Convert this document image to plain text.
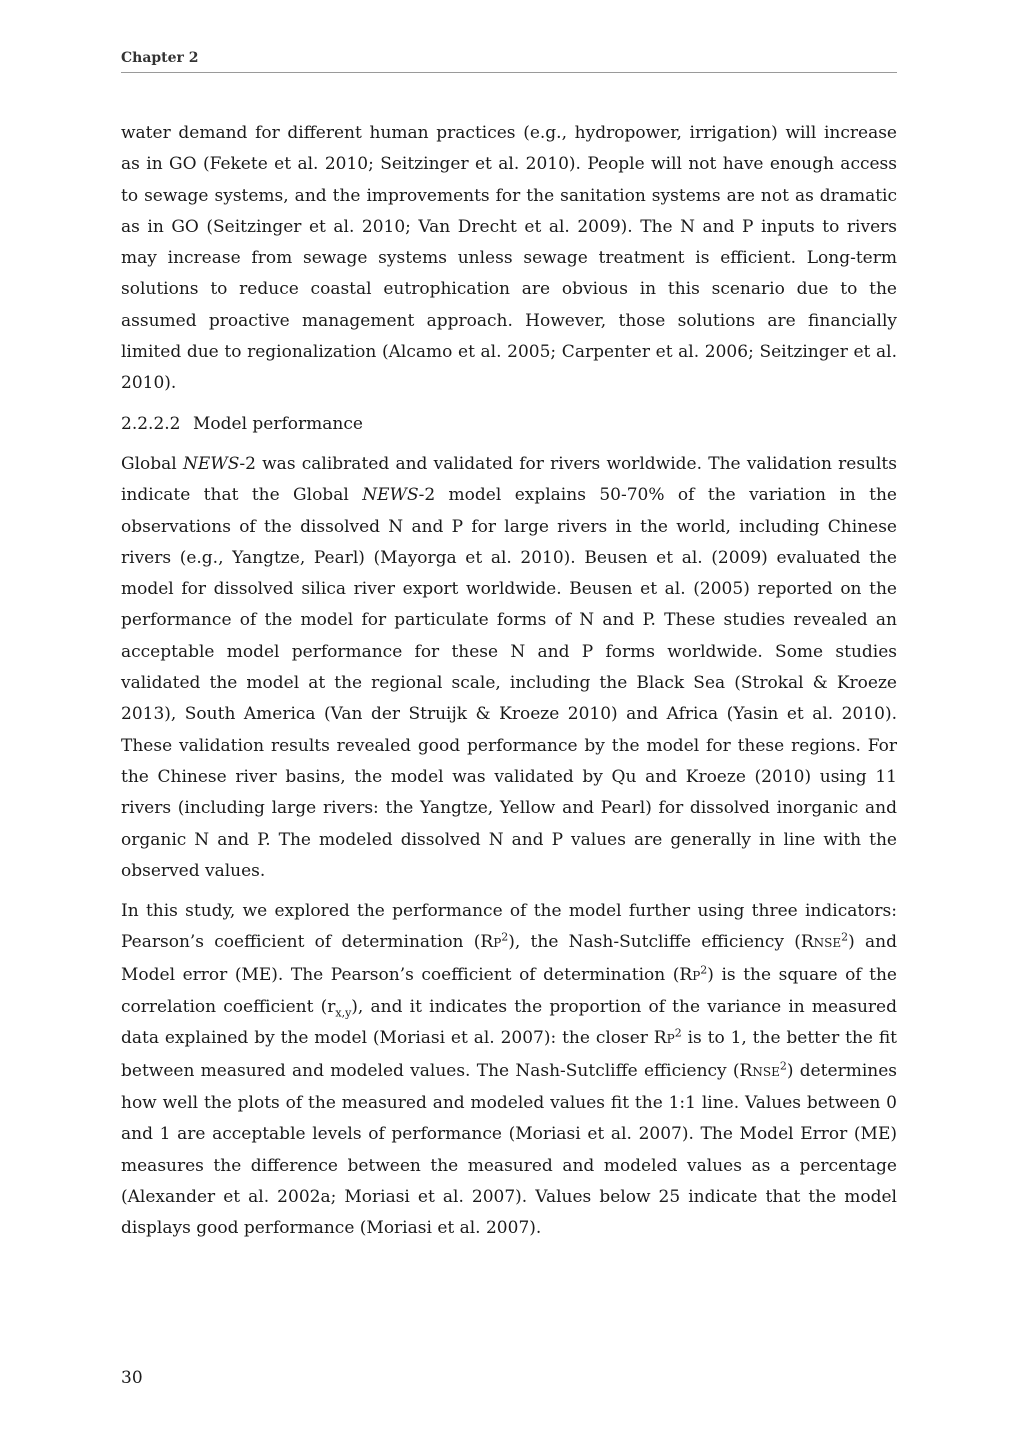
Chapter 2

water demand for different human practices (e.g., hydropower, irrigation) will increase as in GO (Fekete et al. 2010; Seitzinger et al. 2010). People will not have enough access to sewage systems, and the improvements for the sanitation systems are not as dramatic as in GO (Seitzinger et al. 2010; Van Drecht et al. 2009). The N and P inputs to rivers may increase from sewage systems unless sewage treatment is efficient. Long-term solutions to reduce coastal eutrophication are obvious in this scenario due to the assumed proactive management approach. However, those solutions are financially limited due to regionalization (Alcamo et al. 2005; Carpenter et al. 2006; Seitzinger et al. 2010).

2.2.2.2 Model performance

Global NEWS-2 was calibrated and validated for rivers worldwide. The validation results indicate that the Global NEWS-2 model explains 50-70% of the variation in the observations of the dissolved N and P for large rivers in the world, including Chinese rivers (e.g., Yangtze, Pearl) (Mayorga et al. 2010). Beusen et al. (2009) evaluated the model for dissolved silica river export worldwide. Beusen et al. (2005) reported on the performance of the model for particulate forms of N and P. These studies revealed an acceptable model performance for these N and P forms worldwide. Some studies validated the model at the regional scale, including the Black Sea (Strokal & Kroeze 2013), South America (Van der Struijk & Kroeze 2010) and Africa (Yasin et al. 2010). These validation results revealed good performance by the model for these regions. For the Chinese river basins, the model was validated by Qu and Kroeze (2010) using 11 rivers (including large rivers: the Yangtze, Yellow and Pearl) for dissolved inorganic and organic N and P. The modeled dissolved N and P values are generally in line with the observed values.

In this study, we explored the performance of the model further using three indicators: Pearson’s coefficient of determination $(RP^2)$, the Nash-Sutcliffe efficiency (RNSE$^2$) and Model error (ME). The Pearson’s coefficient of determination $(RP^2)$ is the square of the correlation coefficient $(r_{x,y})$, and it indicates the proportion of the variance in measured data explained by the model (Moriasi et al. 2007): the closer $RP^2$ is to 1, the better the fit between measured and modeled values. The Nash-Sutcliffe efficiency (RNSE$^2$) determines how well the plots of the measured and modeled values fit the 1:1 line. Values between 0 and 1 are acceptable levels of performance (Moriasi et al. 2007). The Model Error (ME) measures the difference between the measured and modeled values as a percentage (Alexander et al. 2002a; Moriasi et al. 2007). Values below 25 indicate that the model displays good performance (Moriasi et al. 2007).

30
